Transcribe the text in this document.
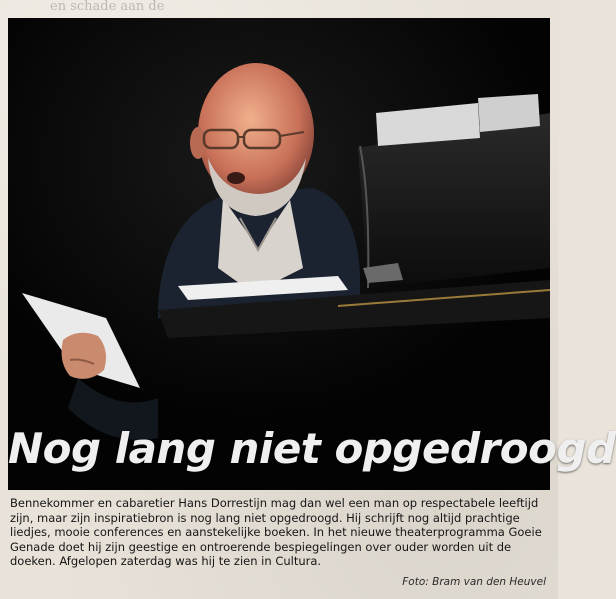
en schade aan de
Nog lang niet opgedroogd
Bennekommer en cabaretier Hans Dorrestijn mag dan wel een man op respectabele leeftijd
zijn, maar zijn inspiratiebron is nog lang niet opgedroogd. Hij schrijft nog altijd prachtige
liedjes, mooie conferences en aanstekelijke boeken. In het nieuwe theaterprogramma Goeie
Genade doet hij zijn geestige en ontroerende bespiegelingen over ouder worden uit de
doeken. Afgelopen zaterdag was hij te zien in Cultura.
Foto: Bram van den Heuvel
